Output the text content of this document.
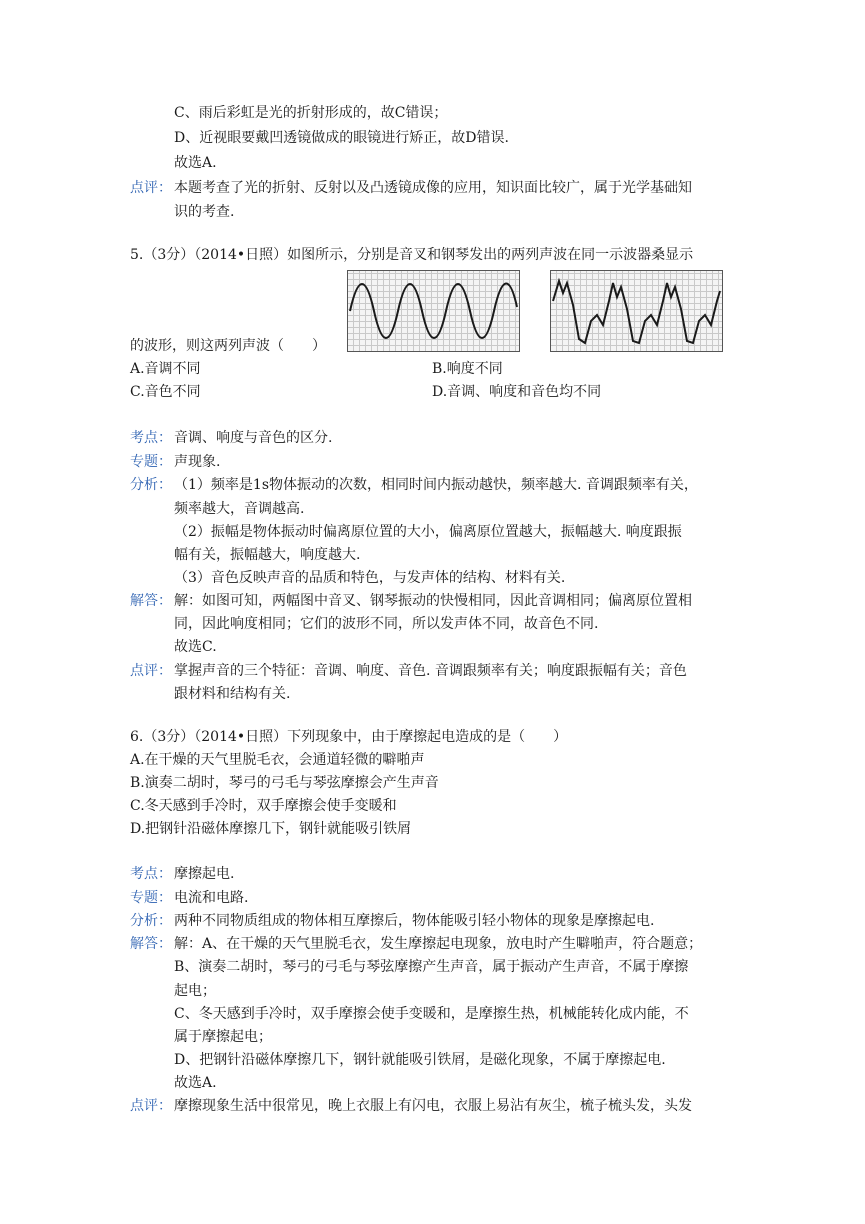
C、雨后彩虹是光的折射形成的，故C错误；
D、近视眼要戴凹透镜做成的眼镜进行矫正，故D错误.
故选A.
点评： 本题考查了光的折射、反射以及凸透镜成像的应用，知识面比较广，属于光学基础知
识的考查.
5.（3分）（2014•日照）如图所示，分别是音叉和钢琴发出的两列声波在同一示波器桑显示
的波形，则这两列声波（　　）
A.音调不同	B.响度不同
C.音色不同	D.音调、响度和音色均不同
考点： 音调、响度与音色的区分.
专题： 声现象.
分析： （1）频率是1s物体振动的次数，相同时间内振动越快，频率越大. 音调跟频率有关，
频率越大，音调越高.
（2）振幅是物体振动时偏离原位置的大小，偏离原位置越大，振幅越大. 响度跟振
幅有关，振幅越大，响度越大.
（3）音色反映声音的品质和特色，与发声体的结构、材料有关.
解答： 解：如图可知，两幅图中音叉、钢琴振动的快慢相同，因此音调相同；偏离原位置相
同，因此响度相同；它们的波形不同，所以发声体不同，故音色不同.
故选C.
点评： 掌握声音的三个特征：音调、响度、音色. 音调跟频率有关；响度跟振幅有关；音色
跟材料和结构有关.
6.（3分）（2014•日照）下列现象中，由于摩擦起电造成的是（　　）
A.在干燥的天气里脱毛衣，会通道轻微的噼啪声
B.演奏二胡时，琴弓的弓毛与琴弦摩擦会产生声音
C.冬天感到手冷时，双手摩擦会使手变暖和
D.把钢针沿磁体摩擦几下，钢针就能吸引铁屑
考点： 摩擦起电.
专题： 电流和电路.
分析： 两种不同物质组成的物体相互摩擦后，物体能吸引轻小物体的现象是摩擦起电.
解答： 解：A、在干燥的天气里脱毛衣，发生摩擦起电现象，放电时产生噼啪声，符合题意；
B、演奏二胡时，琴弓的弓毛与琴弦摩擦产生声音，属于振动产生声音，不属于摩擦
起电；
C、冬天感到手冷时，双手摩擦会使手变暖和，是摩擦生热，机械能转化成内能，不
属于摩擦起电；
D、把钢针沿磁体摩擦几下，钢针就能吸引铁屑，是磁化现象，不属于摩擦起电.
故选A.
点评： 摩擦现象生活中很常见，晚上衣服上有闪电，衣服上易沾有灰尘，梳子梳头发，头发
